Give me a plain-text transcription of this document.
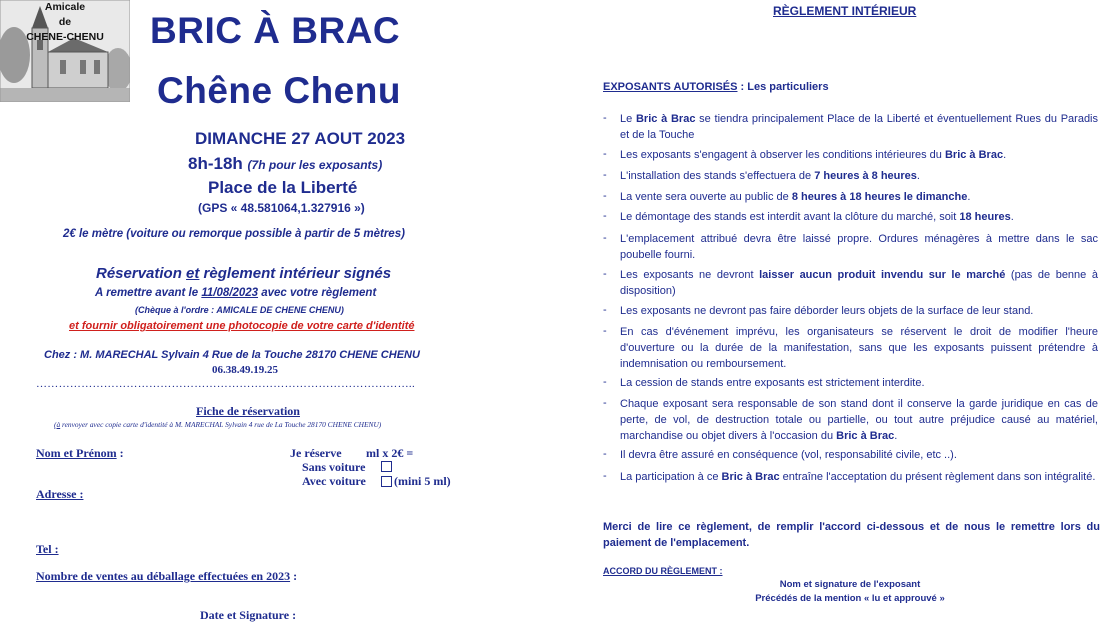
Amicale
de
CHENE-CHENU	BRIC À BRAC
Chêne Chenu
DIMANCHE 27 AOUT 2023
8h-18h (7h pour les exposants)
Place de la Liberté
(GPS « 48.581064,1.327916 »)
2€ le mètre (voiture ou remorque possible à partir de 5 mètres)
Réservation et règlement intérieur signés
A remettre avant le 11/08/2023 avec votre règlement
(Chèque à l'ordre : AMICALE DE CHENE CHENU)
et fournir obligatoirement une photocopie de votre carte d'identité
Chez : M. MARECHAL Sylvain 4 Rue de la Touche 28170 CHENE CHENU
06.38.49.19.25
………………………………………………………………………………………..
Fiche de réservation
(à renvoyer avec copie carte d'identité à M. MARECHAL Sylvain 4 rue de La Touche 28170 CHENE CHENU)
Nom et Prénom :	Je réserve ml x 2€ =
Sans voiture
Avec voiture (mini 5 ml)
Adresse :
Tel :
Nombre de ventes au déballage effectuées en 2023 :
Date et Signature :
RÈGLEMENT INTÉRIEUR
EXPOSANTS AUTORISÉS : Les particuliers
- Le Bric à Brac se tiendra principalement Place de la Liberté et éventuellement Rues du Paradis et de la Touche
- Les exposants s'engagent à observer les conditions intérieures du Bric à Brac.
- L'installation des stands s'effectuera de 7 heures à 8 heures.
- La vente sera ouverte au public de 8 heures à 18 heures le dimanche.
- Le démontage des stands est interdit avant la clôture du marché, soit 18 heures.
- L'emplacement attribué devra être laissé propre. Ordures ménagères à mettre dans le sac poubelle fourni.
- Les exposants ne devront laisser aucun produit invendu sur le marché (pas de benne à disposition)
- Les exposants ne devront pas faire déborder leurs objets de la surface de leur stand.
- En cas d'événement imprévu, les organisateurs se réservent le droit de modifier l'heure d'ouverture ou la durée de la manifestation, sans que les exposants puissent prétendre à indemnisation ou remboursement.
- La cession de stands entre exposants est strictement interdite.
- Chaque exposant sera responsable de son stand dont il conserve la garde juridique en cas de perte, de vol, de destruction totale ou partielle, ou tout autre préjudice causé au matériel, marchandise ou objet divers à l'occasion du Bric à Brac.
- Il devra être assuré en conséquence (vol, responsabilité civile, etc ..).
- La participation à ce Bric à Brac entraîne l'acceptation du présent règlement dans son intégralité.
Merci de lire ce règlement, de remplir l'accord ci-dessous et de nous le remettre lors du paiement de l'emplacement.
ACCORD DU RÈGLEMENT :
Nom et signature de l'exposant
Précédés de la mention « lu et approuvé »
